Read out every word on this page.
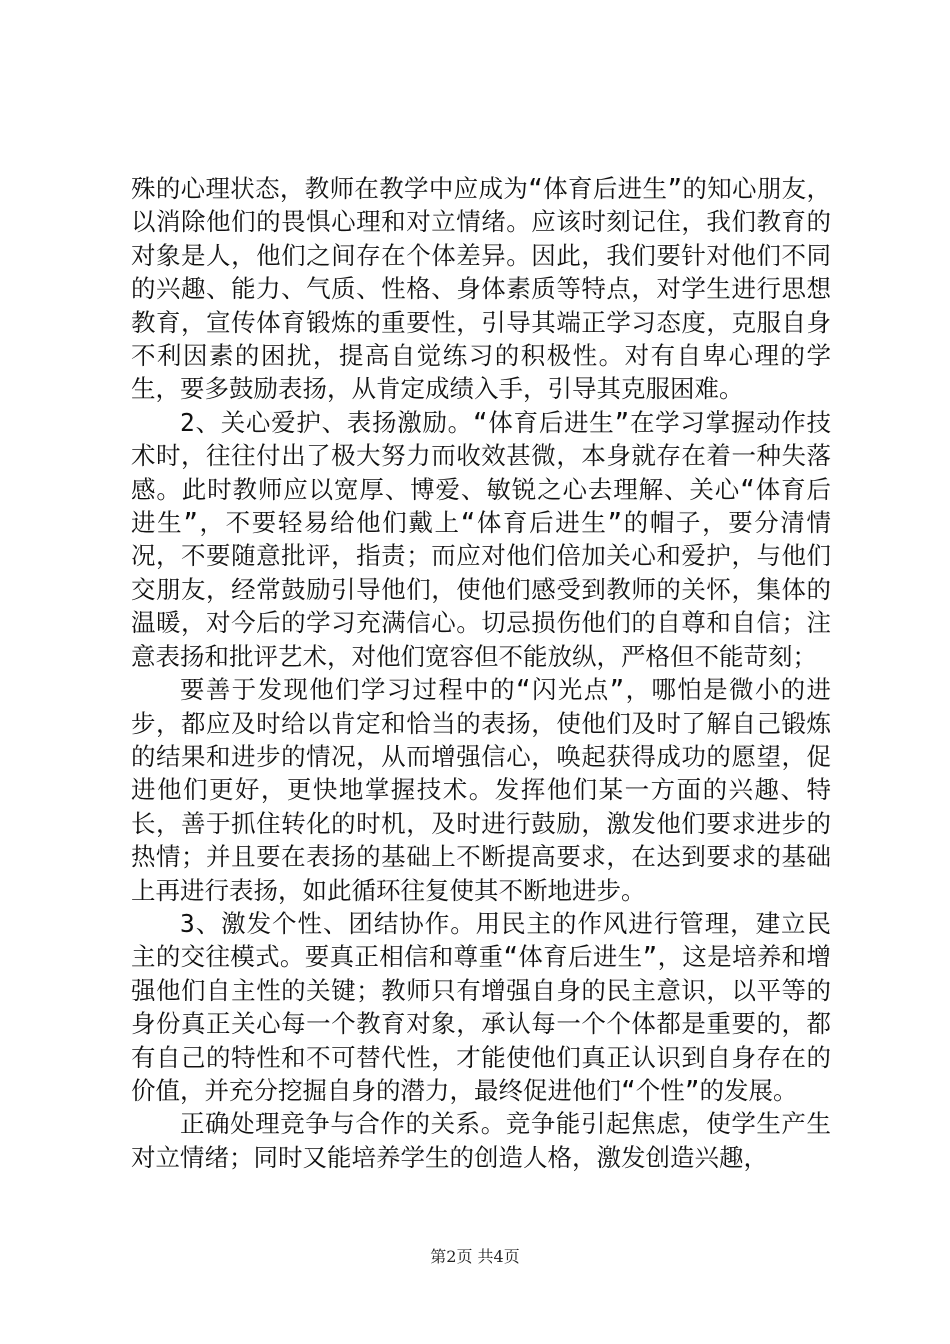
殊的心理状态，教师在教学中应成为“体育后进生”的知心朋友，以消除他们的畏惧心理和对立情绪。应该时刻记住，我们教育的对象是人，他们之间存在个体差异。因此，我们要针对他们不同的兴趣、能力、气质、性格、身体素质等特点，对学生进行思想教育，宣传体育锻炼的重要性，引导其端正学习态度，克服自身不利因素的困扰，提高自觉练习的积极性。对有自卑心理的学生，要多鼓励表扬，从肯定成绩入手，引导其克服困难。

2、关心爱护、表扬激励。“体育后进生”在学习掌握动作技术时，往往付出了极大努力而收效甚微，本身就存在着一种失落感。此时教师应以宽厚、博爱、敏锐之心去理解、关心“体育后进生”，不要轻易给他们戴上“体育后进生”的帽子，要分清情况，不要随意批评，指责；而应对他们倍加关心和爱护，与他们交朋友，经常鼓励引导他们，使他们感受到教师的关怀，集体的温暖，对今后的学习充满信心。切忌损伤他们的自尊和自信；注意表扬和批评艺术，对他们宽容但不能放纵，严格但不能苛刻；

要善于发现他们学习过程中的“闪光点”，哪怕是微小的进步，都应及时给以肯定和恰当的表扬，使他们及时了解自己锻炼的结果和进步的情况，从而增强信心，唤起获得成功的愿望，促进他们更好，更快地掌握技术。发挥他们某一方面的兴趣、特长，善于抓住转化的时机，及时进行鼓励，激发他们要求进步的热情；并且要在表扬的基础上不断提高要求，在达到要求的基础上再进行表扬，如此循环往复使其不断地进步。

3、激发个性、团结协作。用民主的作风进行管理，建立民主的交往模式。要真正相信和尊重“体育后进生”，这是培养和增强他们自主性的关键；教师只有增强自身的民主意识，以平等的身份真正关心每一个教育对象，承认每一个个体都是重要的，都有自己的特性和不可替代性，才能使他们真正认识到自身存在的价值，并充分挖掘自身的潜力，最终促进他们“个性”的发展。

正确处理竞争与合作的关系。竞争能引起焦虑，使学生产生对立情绪；同时又能培养学生的创造人格，激发创造兴趣，

第2页 共4页
